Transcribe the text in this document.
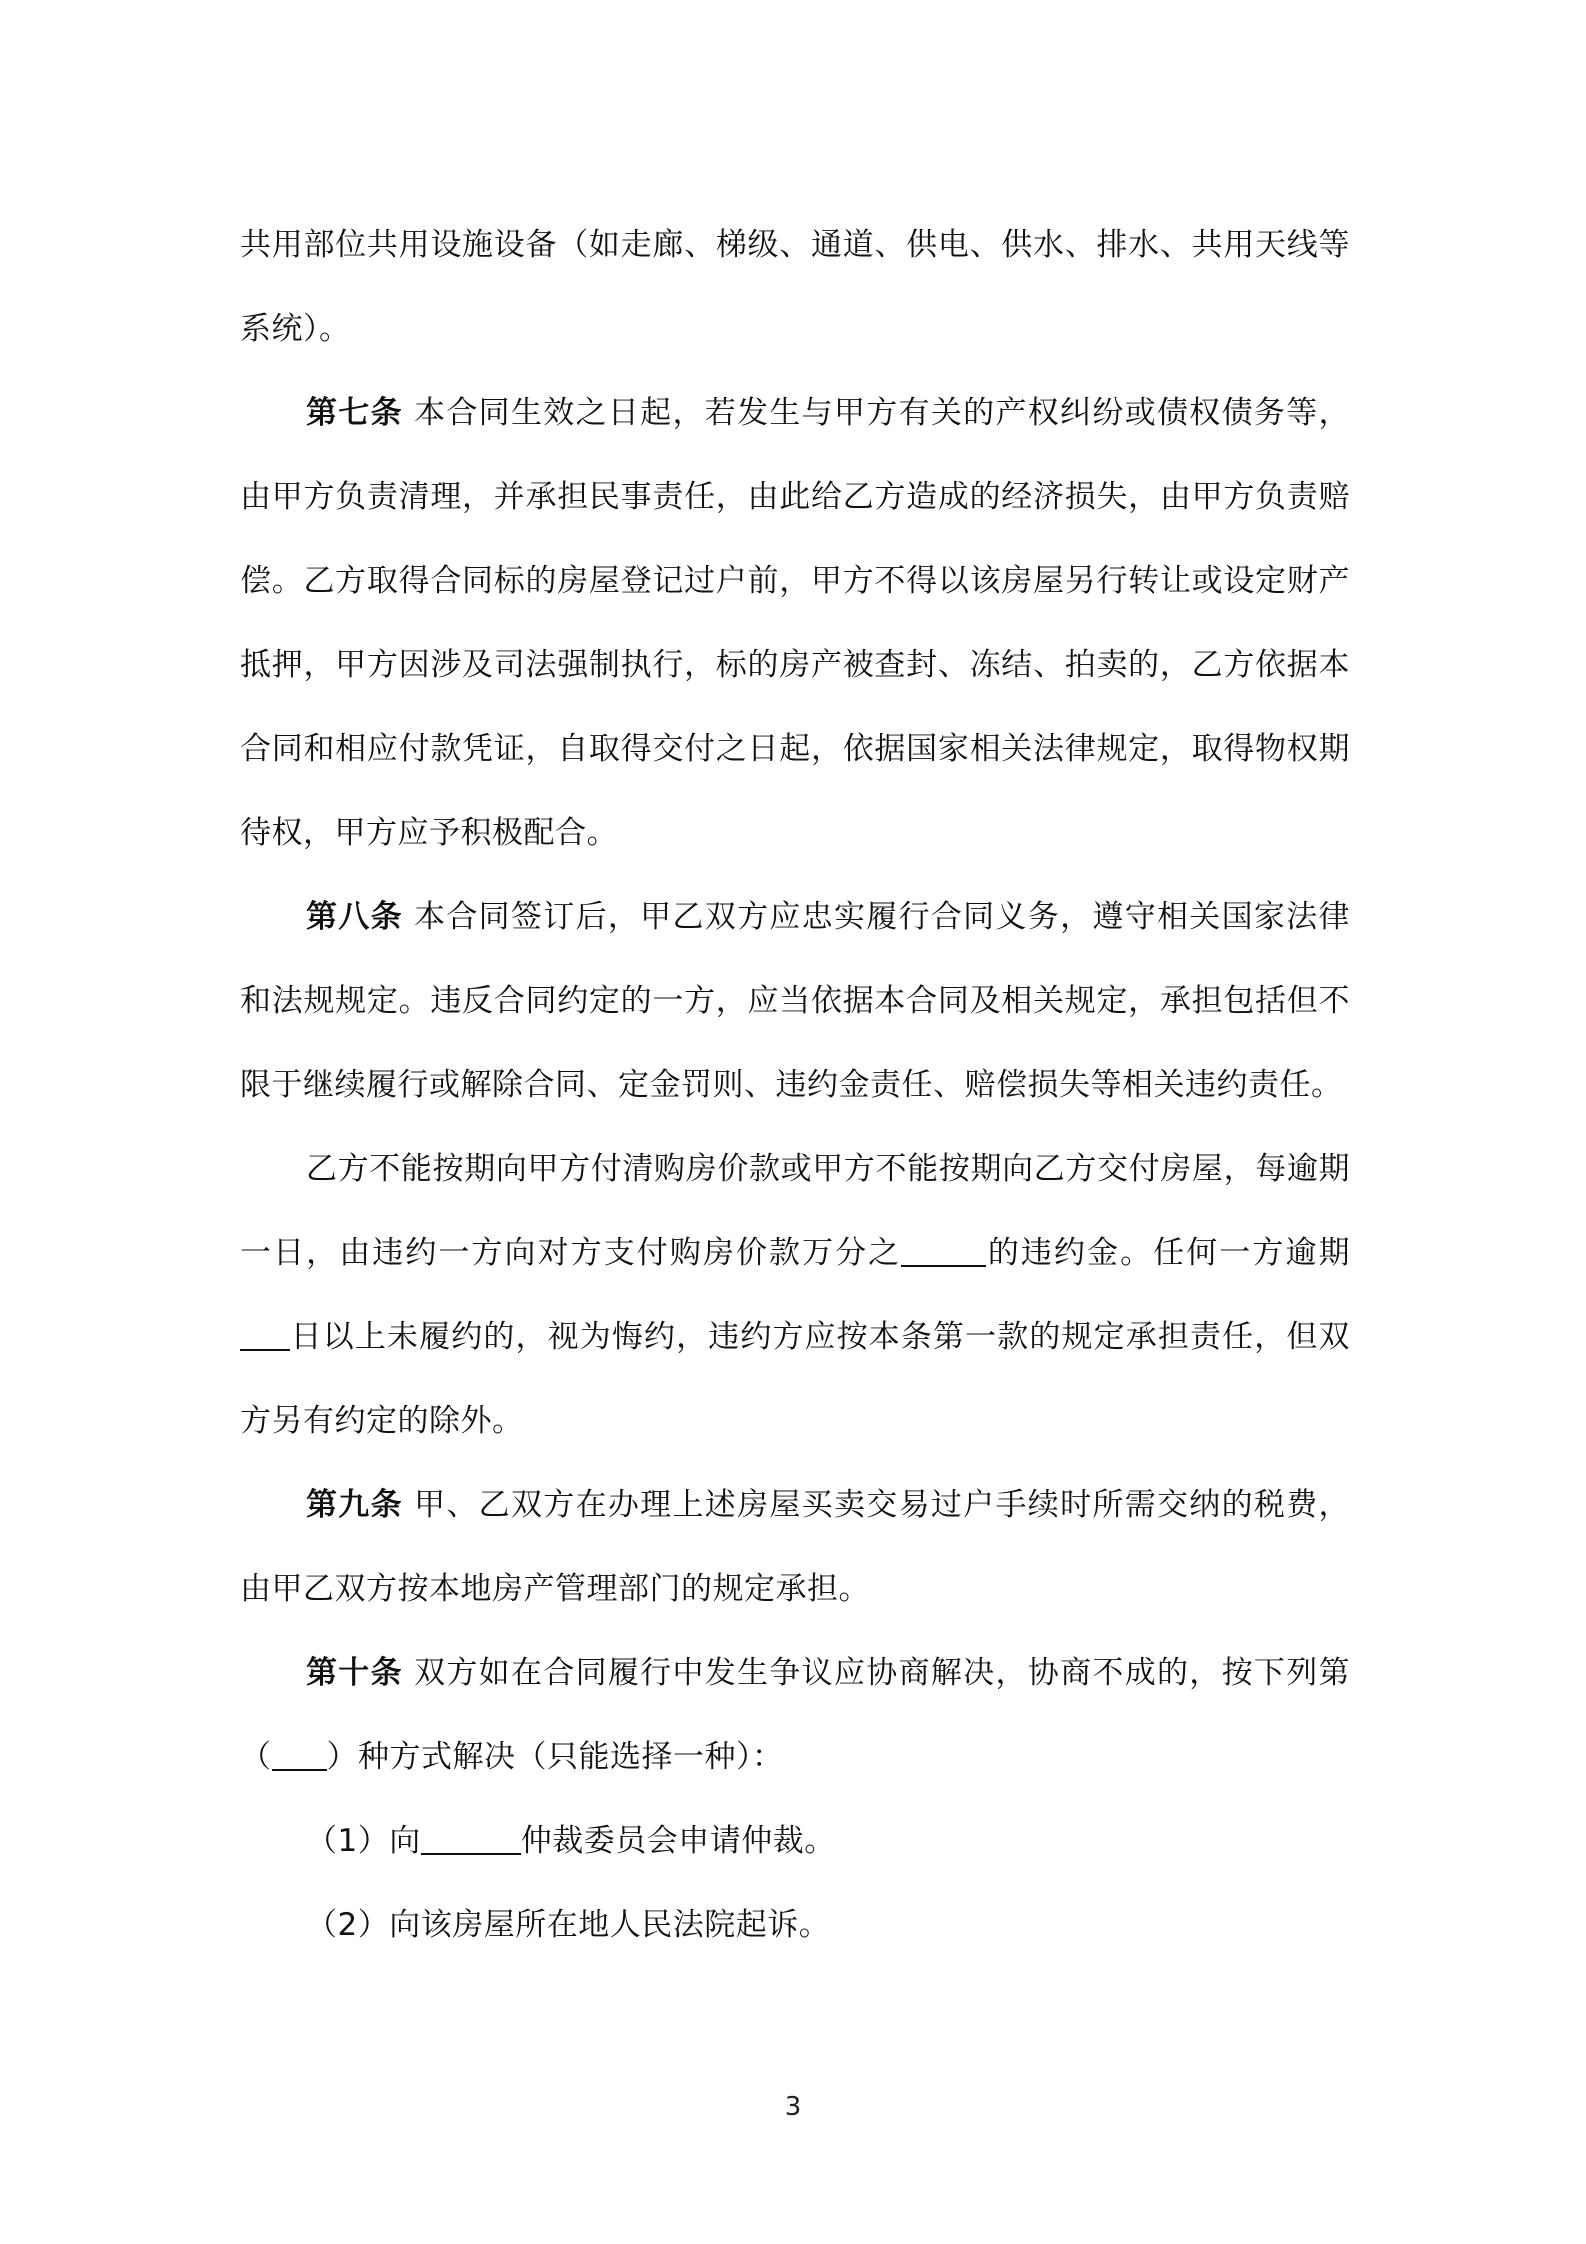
共用部位共用设施设备（如走廊、梯级、通道、供电、供水、排水、共用天线等系统）。

第七条 本合同生效之日起，若发生与甲方有关的产权纠纷或债权债务等，由甲方负责清理，并承担民事责任，由此给乙方造成的经济损失，由甲方负责赔偿。乙方取得合同标的房屋登记过户前，甲方不得以该房屋另行转让或设定财产抵押，甲方因涉及司法强制执行，标的房产被查封、冻结、拍卖的，乙方依据本合同和相应付款凭证，自取得交付之日起，依据国家相关法律规定，取得物权期待权，甲方应予积极配合。

第八条 本合同签订后，甲乙双方应忠实履行合同义务，遵守相关国家法律和法规规定。违反合同约定的一方，应当依据本合同及相关规定，承担包括但不限于继续履行或解除合同、定金罚则、违约金责任、赔偿损失等相关违约责任。

乙方不能按期向甲方付清购房价款或甲方不能按期向乙方交付房屋，每逾期一日，由违约一方向对方支付购房价款万分之	的违约金。任何一方逾期日以上未履约的，视为悔约，违约方应按本条第一款的规定承担责任，但双方另有约定的除外。

第九条 甲、乙双方在办理上述房屋买卖交易过户手续时所需交纳的税费，由甲乙双方按本地房产管理部门的规定承担。

第十条 双方如在合同履行中发生争议应协商解决，协商不成的，按下列第（ ）种方式解决（只能选择一种）：

（1）向	仲裁委员会申请仲裁。

（2）向该房屋所在地人民法院起诉。

3
